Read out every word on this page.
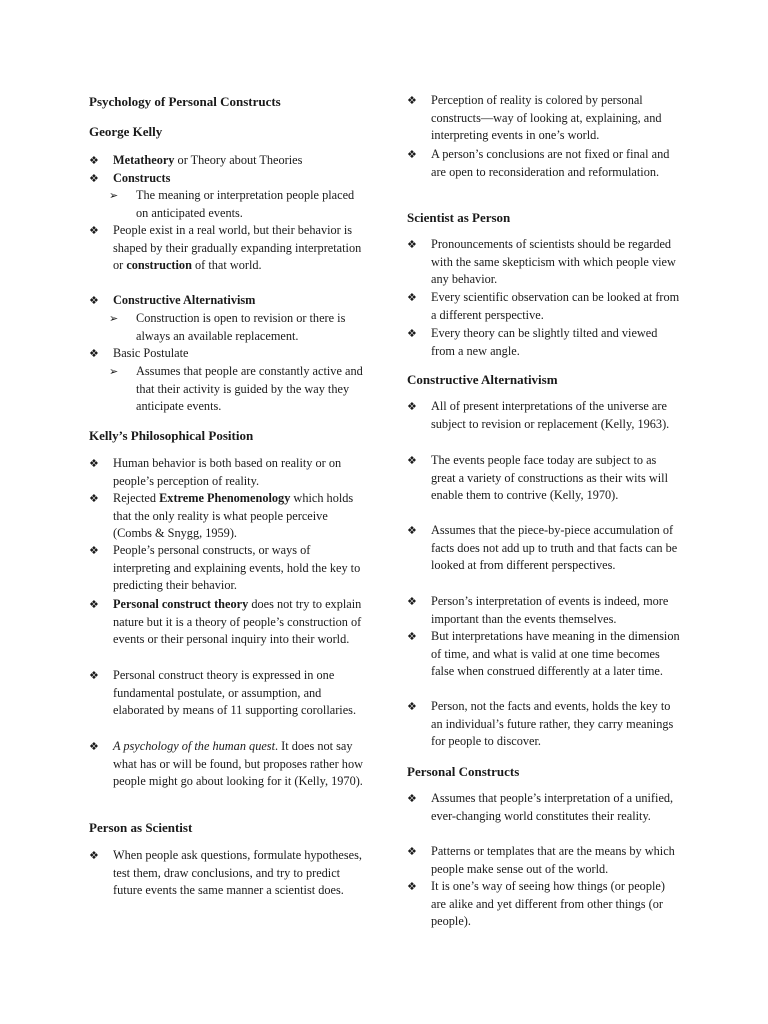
Psychology of Personal Constructs
George Kelly
❖	Metatheory or Theory about Theories
❖	Constructs
➢	The meaning or interpretation people placed on anticipated events.
❖	People exist in a real world, but their behavior is shaped by their gradually expanding interpretation or construction of that world.
❖	Constructive Alternativism
➢	Construction is open to revision or there is always an available replacement.
❖	Basic Postulate
➢	Assumes that people are constantly active and that their activity is guided by the way they anticipate events.
Kelly’s Philosophical Position
❖	Human behavior is both based on reality or on people’s perception of reality.
❖	Rejected Extreme Phenomenology which holds that the only reality is what people perceive (Combs & Snygg, 1959).
❖	People’s personal constructs, or ways of interpreting and explaining events, hold the key to predicting their behavior.
❖	Personal construct theory does not try to explain nature but it is a theory of people’s construction of events or their personal inquiry into their world.
❖	Personal construct theory is expressed in one fundamental postulate, or assumption, and elaborated by means of 11 supporting corollaries.
❖	A psychology of the human quest. It does not say what has or will be found, but proposes rather how people might go about looking for it (Kelly, 1970).
Person as Scientist
❖	When people ask questions, formulate hypotheses, test them, draw conclusions, and try to predict future events the same manner a scientist does.
❖	Perception of reality is colored by personal constructs—way of looking at, explaining, and interpreting events in one’s world.
❖	A person’s conclusions are not fixed or final and are open to reconsideration and reformulation.
Scientist as Person
❖	Pronouncements of scientists should be regarded with the same skepticism with which people view any behavior.
❖	Every scientific observation can be looked at from a different perspective.
❖	Every theory can be slightly tilted and viewed from a new angle.
Constructive Alternativism
❖	All of present interpretations of the universe are subject to revision or replacement (Kelly, 1963).
❖	The events people face today are subject to as great a variety of constructions as their wits will enable them to contrive (Kelly, 1970).
❖	Assumes that the piece-by-piece accumulation of facts does not add up to truth and that facts can be looked at from different perspectives.
❖	Person’s interpretation of events is indeed, more important than the events themselves.
❖	But interpretations have meaning in the dimension of time, and what is valid at one time becomes false when construed differently at a later time.
❖	Person, not the facts and events, holds the key to an individual’s future rather, they carry meanings for people to discover.
Personal Constructs
❖	Assumes that people’s interpretation of a unified, ever-changing world constitutes their reality.
❖	Patterns or templates that are the means by which people make sense out of the world.
❖	It is one’s way of seeing how things (or people) are alike and yet different from other things (or people).
